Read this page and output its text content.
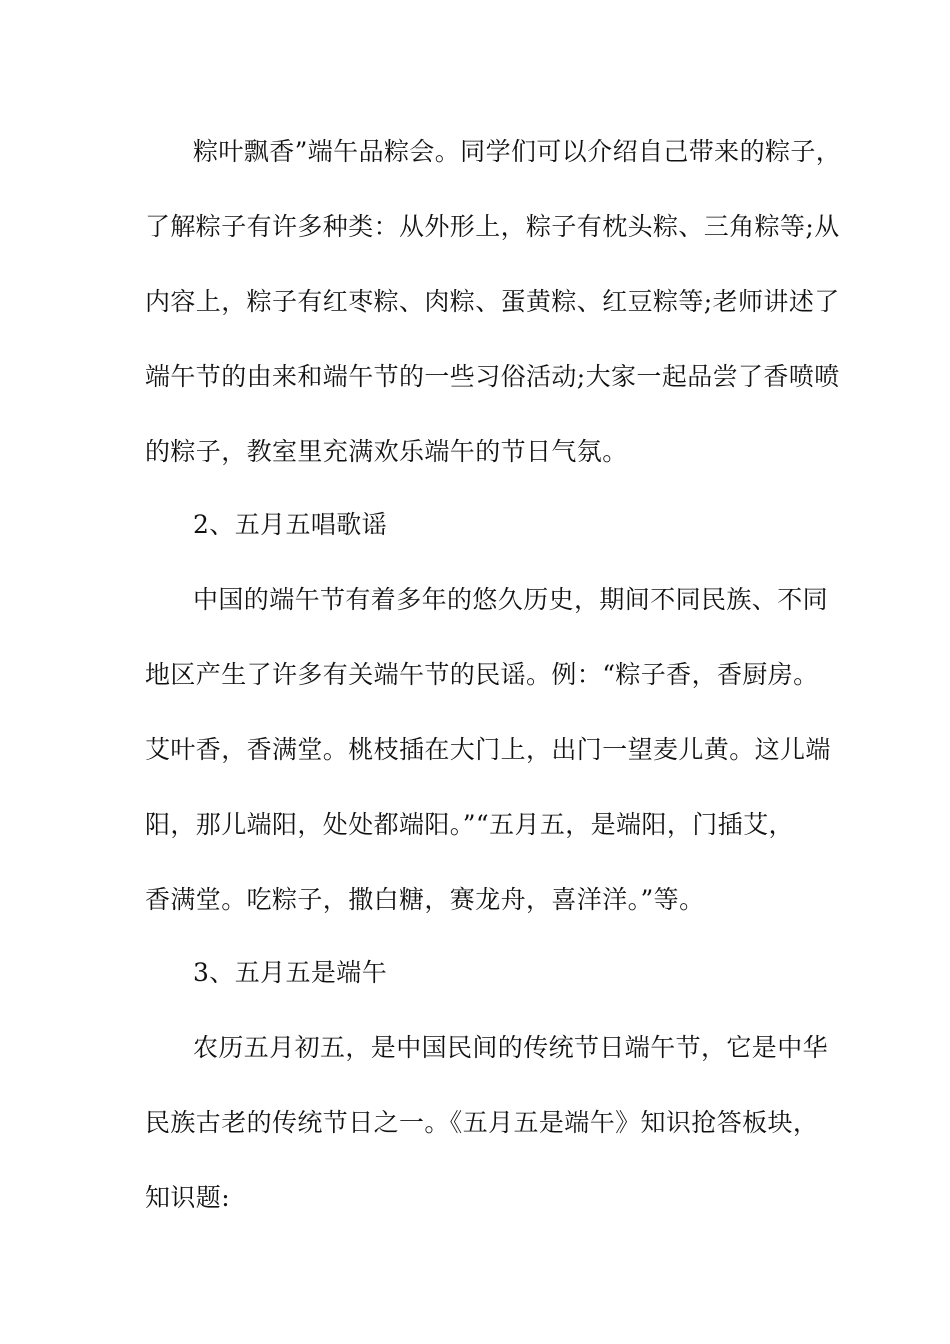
粽叶飘香”端午品粽会。同学们可以介绍自己带来的粽子，
了解粽子有许多种类：从外形上，粽子有枕头粽、三角粽等;从
内容上，粽子有红枣粽、肉粽、蛋黄粽、红豆粽等;老师讲述了
端午节的由来和端午节的一些习俗活动;大家一起品尝了香喷喷
的粽子，教室里充满欢乐端午的节日气氛。
2、五月五唱歌谣
中国的端午节有着多年的悠久历史，期间不同民族、不同
地区产生了许多有关端午节的民谣。例：“粽子香，香厨房。
艾叶香，香满堂。桃枝插在大门上，出门一望麦儿黄。这儿端
阳，那儿端阳，处处都端阳。”“五月五，是端阳，门插艾，
香满堂。吃粽子，撒白糖，赛龙舟，喜洋洋。”等。
3、五月五是端午
农历五月初五，是中国民间的传统节日端午节，它是中华
民族古老的传统节日之一。《五月五是端午》知识抢答板块，
知识题:
